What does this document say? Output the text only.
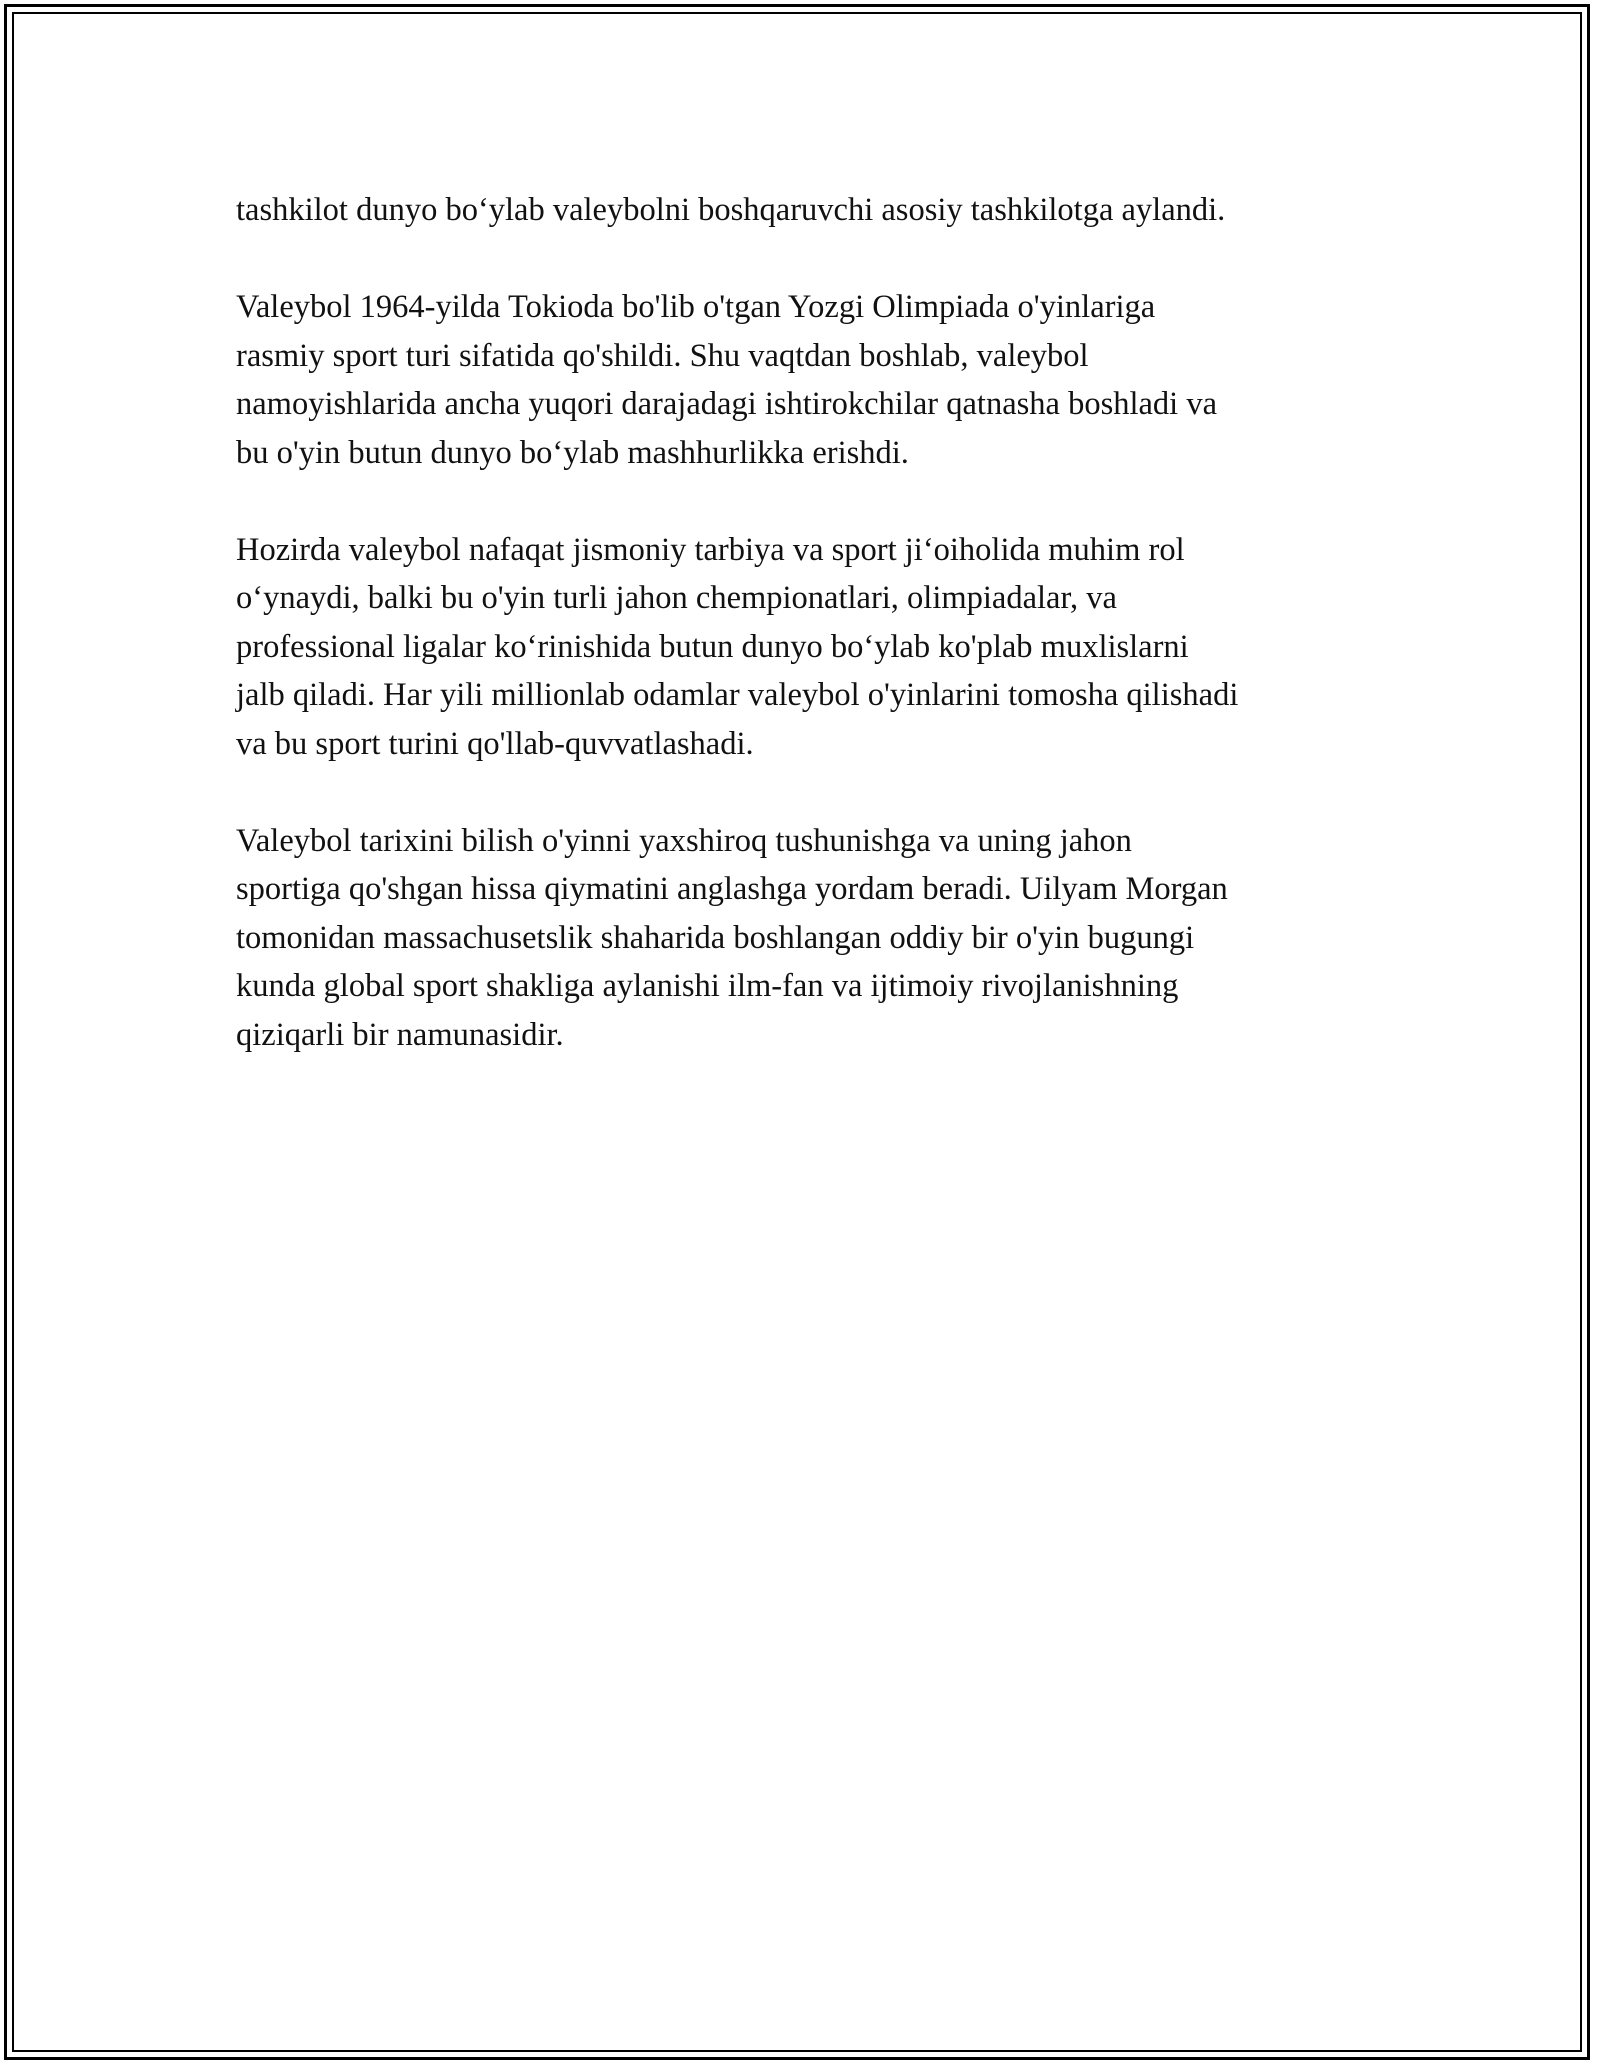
tashkilot dunyo bo‘ylab valeybolni boshqaruvchi asosiy tashkilotga aylandi.

Valeybol 1964-yilda Tokioda bo'lib o'tgan Yozgi Olimpiada o'yinlariga
rasmiy sport turi sifatida qo'shildi. Shu vaqtdan boshlab, valeybol
namoyishlarida ancha yuqori darajadagi ishtirokchilar qatnasha boshladi va
bu o'yin butun dunyo bo‘ylab mashhurlikka erishdi.

Hozirda valeybol nafaqat jismoniy tarbiya va sport ji‘oiholida muhim rol
o‘ynaydi, balki bu o'yin turli jahon chempionatlari, olimpiadalar, va
professional ligalar ko‘rinishida butun dunyo bo‘ylab ko'plab muxlislarni
jalb qiladi. Har yili millionlab odamlar valeybol o'yinlarini tomosha qilishadi
va bu sport turini qo'llab-quvvatlashadi.

Valeybol tarixini bilish o'yinni yaxshiroq tushunishga va uning jahon
sportiga qo'shgan hissa qiymatini anglashga yordam beradi. Uilyam Morgan
tomonidan massachusetslik shaharida boshlangan oddiy bir o'yin bugungi
kunda global sport shakliga aylanishi ilm-fan va ijtimoiy rivojlanishning
qiziqarli bir namunasidir.
